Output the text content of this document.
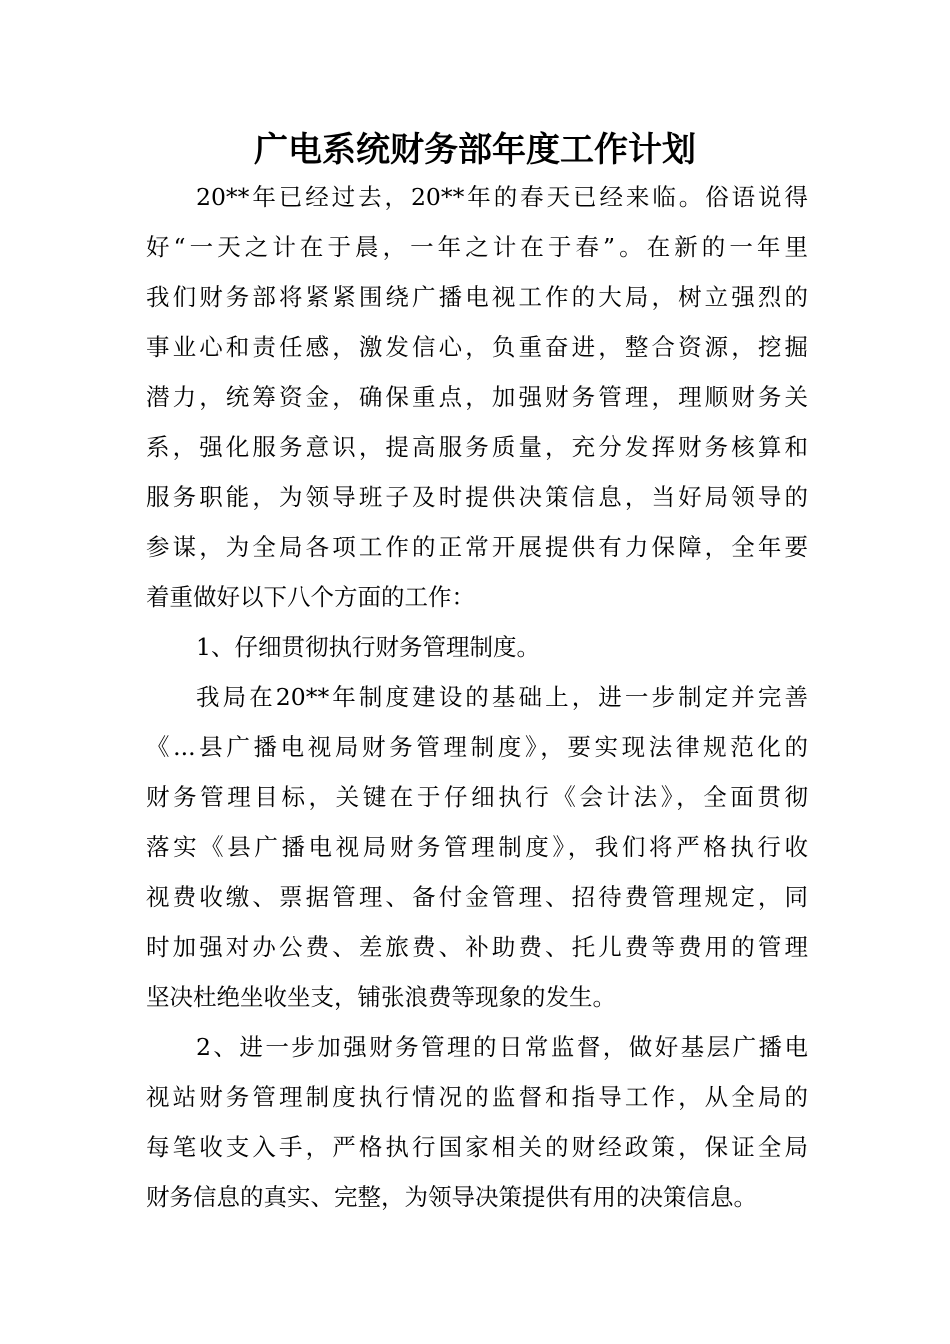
广电系统财务部年度工作计划
20**年已经过去，20**年的春天已经来临。俗语说得
好“一天之计在于晨，一年之计在于春”。在新的一年里
我们财务部将紧紧围绕广播电视工作的大局，树立强烈的
事业心和责任感，激发信心，负重奋进，整合资源，挖掘
潜力，统筹资金，确保重点，加强财务管理，理顺财务关
系，强化服务意识，提高服务质量，充分发挥财务核算和
服务职能，为领导班子及时提供决策信息，当好局领导的
参谋，为全局各项工作的正常开展提供有力保障，全年要
着重做好以下八个方面的工作：
1、仔细贯彻执行财务管理制度。
我局在20**年制度建设的基础上，进一步制定并完善
《...县广播电视局财务管理制度》，要实现法律规范化的
财务管理目标，关键在于仔细执行《会计法》，全面贯彻
落实《县广播电视局财务管理制度》，我们将严格执行收
视费收缴、票据管理、备付金管理、招待费管理规定，同
时加强对办公费、差旅费、补助费、托儿费等费用的管理
坚决杜绝坐收坐支，铺张浪费等现象的发生。
2、进一步加强财务管理的日常监督，做好基层广播电
视站财务管理制度执行情况的监督和指导工作，从全局的
每笔收支入手，严格执行国家相关的财经政策，保证全局
财务信息的真实、完整，为领导决策提供有用的决策信息。
